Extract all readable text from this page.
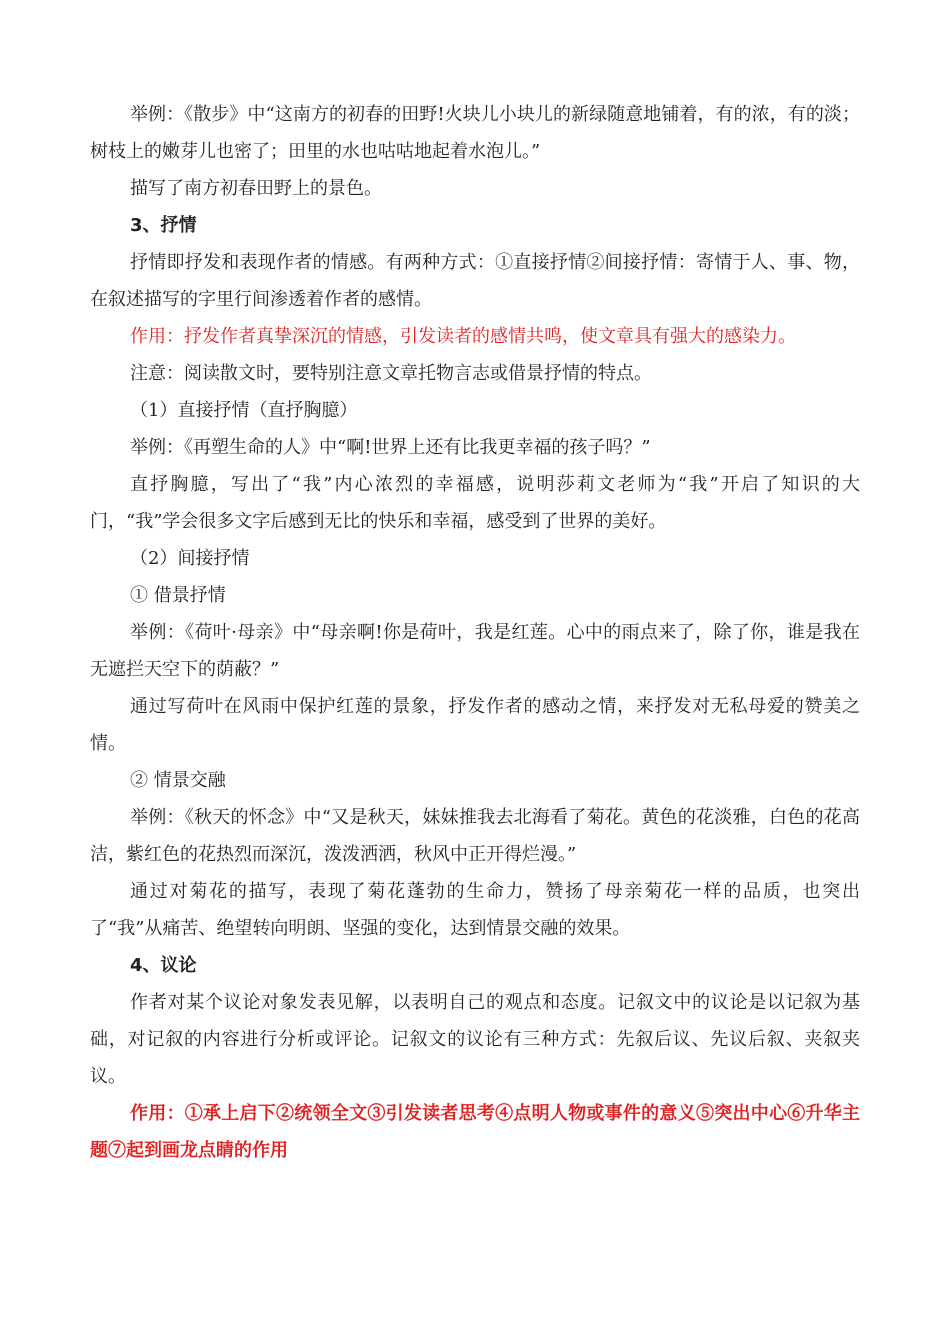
举例：《散步》中“这南方的初春的田野!火块儿小块儿的新绿随意地铺着，有的浓，有的淡；树枝上的嫩芽儿也密了；田里的水也咕咕地起着水泡儿。”

描写了南方初春田野上的景色。

3、抒情

抒情即抒发和表现作者的情感。有两种方式：①直接抒情②间接抒情：寄情于人、事、物，在叙述描写的字里行间渗透着作者的感情。

作用：抒发作者真挚深沉的情感，引发读者的感情共鸣，使文章具有强大的感染力。

注意：阅读散文时，要特别注意文章托物言志或借景抒情的特点。

（1）直接抒情（直抒胸臆）

举例：《再塑生命的人》中“啊!世界上还有比我更幸福的孩子吗？”

直抒胸臆，写出了“我”内心浓烈的幸福感，说明莎莉文老师为“我”开启了知识的大门，“我”学会很多文字后感到无比的快乐和幸福，感受到了世界的美好。

（2）间接抒情

① 借景抒情

举例：《荷叶·母亲》中“母亲啊!你是荷叶，我是红莲。心中的雨点来了，除了你，谁是我在无遮拦天空下的荫蔽？”

通过写荷叶在风雨中保护红莲的景象，抒发作者的感动之情，来抒发对无私母爱的赞美之情。

② 情景交融

举例：《秋天的怀念》中“又是秋天，妹妹推我去北海看了菊花。黄色的花淡雅，白色的花高洁，紫红色的花热烈而深沉，泼泼洒洒，秋风中正开得烂漫。”

通过对菊花的描写，表现了菊花蓬勃的生命力，赞扬了母亲菊花一样的品质，也突出了“我”从痛苦、绝望转向明朗、坚强的变化，达到情景交融的效果。

4、议论

作者对某个议论对象发表见解，以表明自己的观点和态度。记叙文中的议论是以记叙为基础，对记叙的内容进行分析或评论。记叙文的议论有三种方式：先叙后议、先议后叙、夹叙夹议。

作用：①承上启下②统领全文③引发读者思考④点明人物或事件的意义⑤突出中心⑥升华主题⑦起到画龙点睛的作用
